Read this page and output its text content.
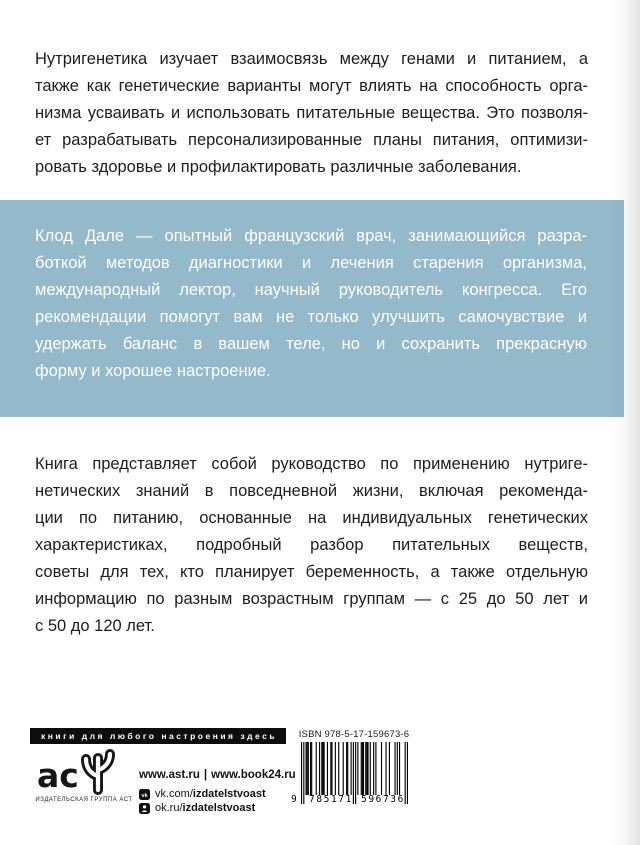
Нутригенетика изучает взаимосвязь между генами и питанием, а
также как генетические варианты могут влиять на способность орга-
низма усваивать и использовать питательные вещества. Это позволя-
ет разрабатывать персонализированные планы питания, оптимизи-
ровать здоровье и профилактировать различные заболевания.
Клод Дале — опытный французский врач, занимающийся разра-
боткой методов диагностики и лечения старения организма,
международный лектор, научный руководитель конгресса. Его
рекомендации помогут вам не только улучшить самочувствие и
удержать баланс в вашем теле, но и сохранить прекрасную
форму и хорошее настроение.
Книга представляет собой руководство по применению нутриге-
нетических знаний в повседневной жизни, включая рекоменда-
ции по питанию, основанные на индивидуальных генетических
характеристиках, подробный разбор питательных веществ,
советы для тех, кто планирует беременность, а также отдельную
информацию по разным возрастным группам — с 25 до 50 лет и
с 50 до 120 лет.
книги для любого настроения здесь
ас
ИЗДАТЕЛЬСКАЯ ГРУППА АСТ
www.ast.ru | www.book24.ru
vk vk.com/izdatelstvoast
ok.ru/izdatelstvoast
ISBN 978-5-17-159673-6
9 785171 596736
